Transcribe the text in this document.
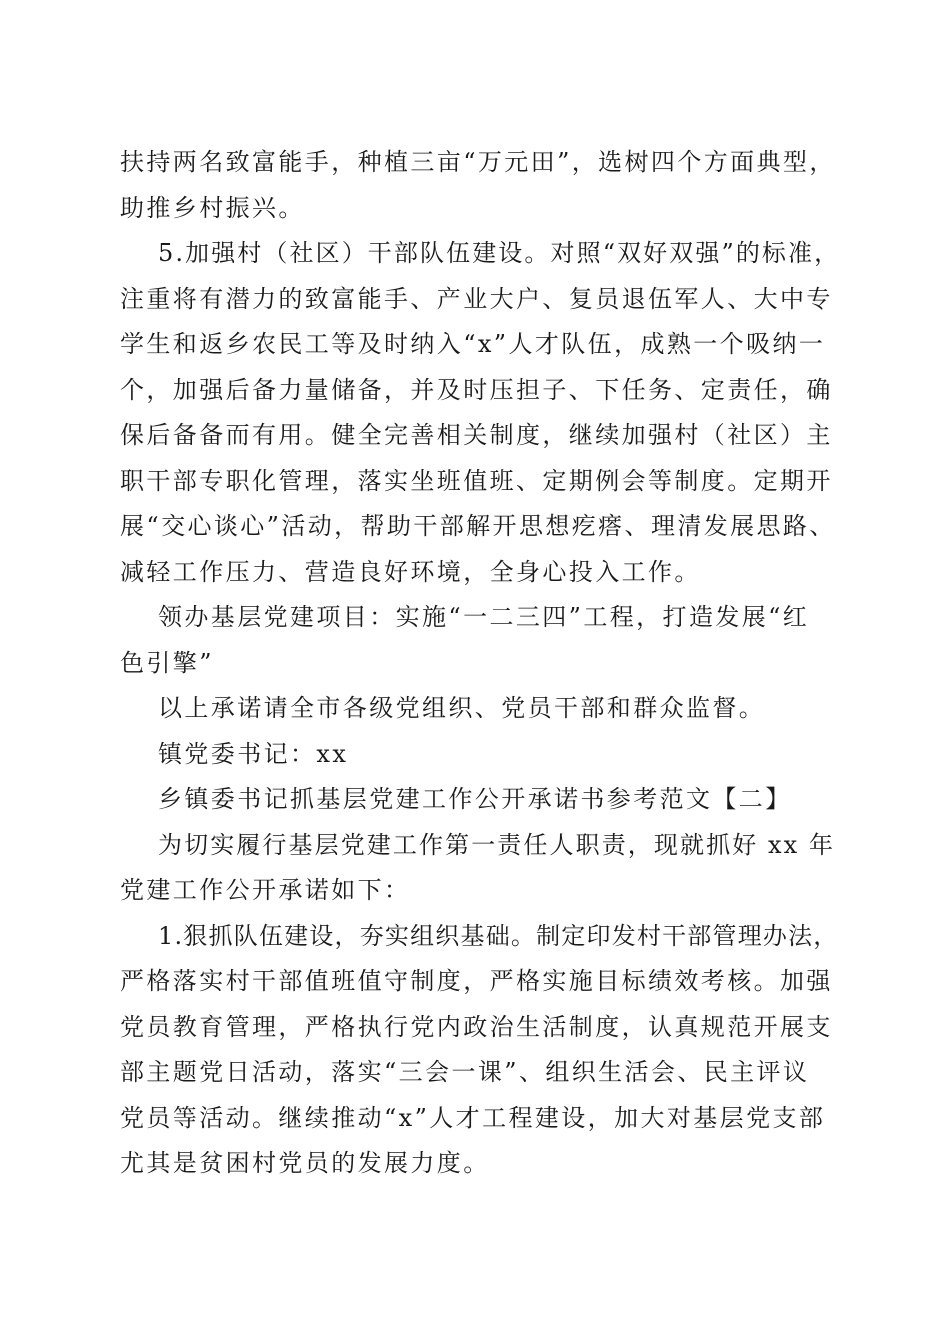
扶持两名致富能手，种植三亩“万元田”，选树四个方面典型，
助推乡村振兴。
5.加强村（社区）干部队伍建设。对照“双好双强”的标准，
注重将有潜力的致富能手、产业大户、复员退伍军人、大中专
学生和返乡农民工等及时纳入“x”人才队伍，成熟一个吸纳一
个，加强后备力量储备，并及时压担子、下任务、定责任，确
保后备备而有用。健全完善相关制度，继续加强村（社区）主
职干部专职化管理，落实坐班值班、定期例会等制度。定期开
展“交心谈心”活动，帮助干部解开思想疙瘩、理清发展思路、
减轻工作压力、营造良好环境，全身心投入工作。
领办基层党建项目：实施“一二三四”工程，打造发展“红
色引擎”
以上承诺请全市各级党组织、党员干部和群众监督。
镇党委书记：xx
乡镇委书记抓基层党建工作公开承诺书参考范文【二】
为切实履行基层党建工作第一责任人职责，现就抓好 xx 年
党建工作公开承诺如下：
1.狠抓队伍建设，夯实组织基础。制定印发村干部管理办法，
严格落实村干部值班值守制度，严格实施目标绩效考核。加强
党员教育管理，严格执行党内政治生活制度，认真规范开展支
部主题党日活动，落实“三会一课”、组织生活会、民主评议
党员等活动。继续推动“x”人才工程建设，加大对基层党支部
尤其是贫困村党员的发展力度。
